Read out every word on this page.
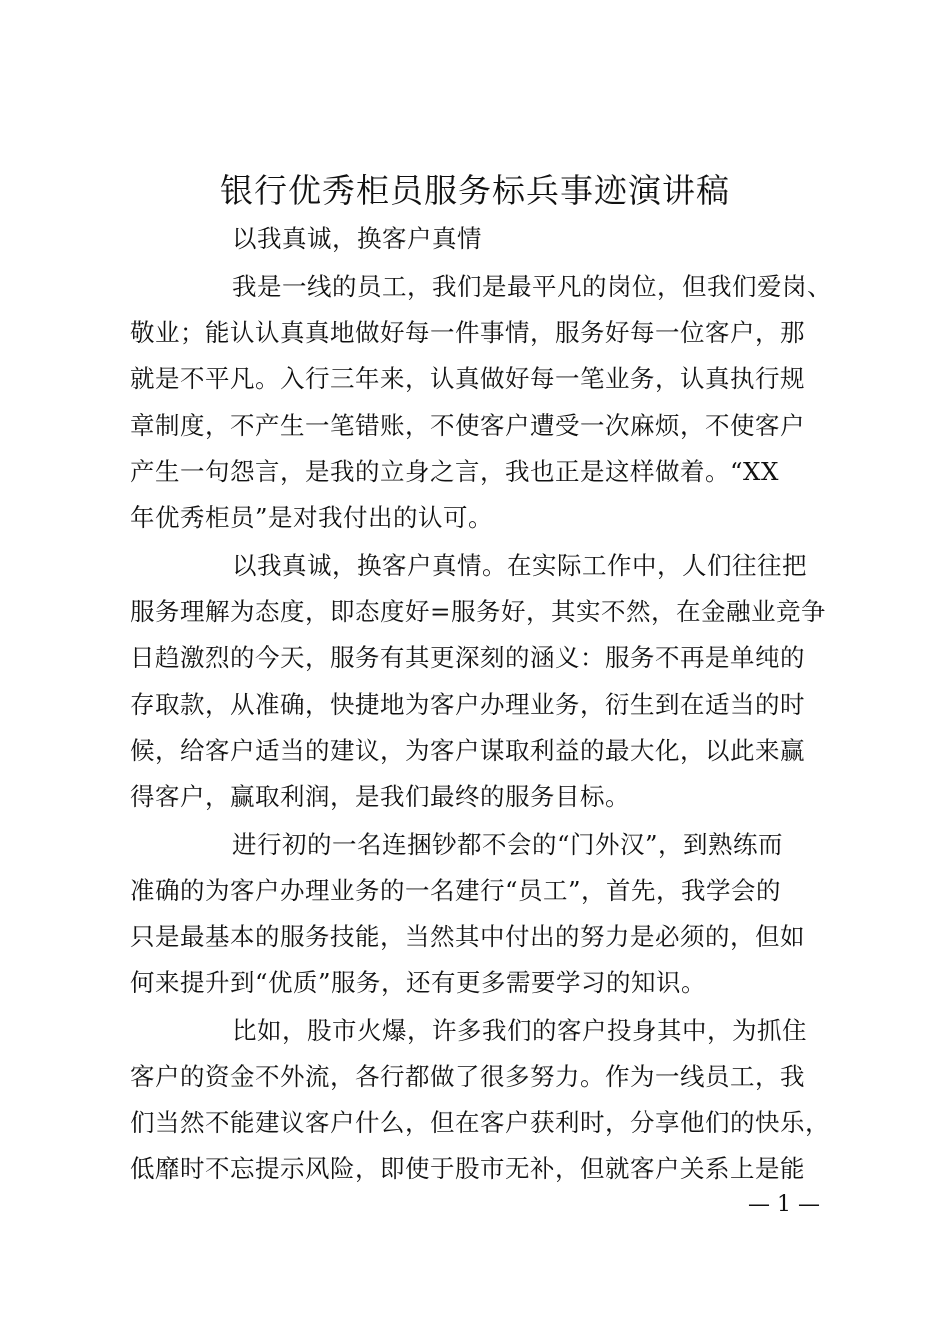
银行优秀柜员服务标兵事迹演讲稿
以我真诚，换客户真情
我是一线的员工，我们是最平凡的岗位，但我们爱岗、
敬业；能认认真真地做好每一件事情，服务好每一位客户，那
就是不平凡。入行三年来，认真做好每一笔业务，认真执行规
章制度，不产生一笔错账，不使客户遭受一次麻烦，不使客户
产生一句怨言，是我的立身之言，我也正是这样做着。“XX
年优秀柜员”是对我付出的认可。
以我真诚，换客户真情。在实际工作中，人们往往把
服务理解为态度，即态度好=服务好，其实不然，在金融业竞争
日趋激烈的今天，服务有其更深刻的涵义：服务不再是单纯的
存取款，从准确，快捷地为客户办理业务，衍生到在适当的时
候，给客户适当的建议，为客户谋取利益的最大化，以此来赢
得客户，赢取利润，是我们最终的服务目标。
进行初的一名连捆钞都不会的“门外汉”，到熟练而
准确的为客户办理业务的一名建行“员工”，首先，我学会的
只是最基本的服务技能，当然其中付出的努力是必须的，但如
何来提升到“优质”服务，还有更多需要学习的知识。
比如，股市火爆，许多我们的客户投身其中，为抓住
客户的资金不外流，各行都做了很多努力。作为一线员工，我
们当然不能建议客户什么，但在客户获利时，分享他们的快乐，
低靡时不忘提示风险，即使于股市无补，但就客户关系上是能
— 1 —
